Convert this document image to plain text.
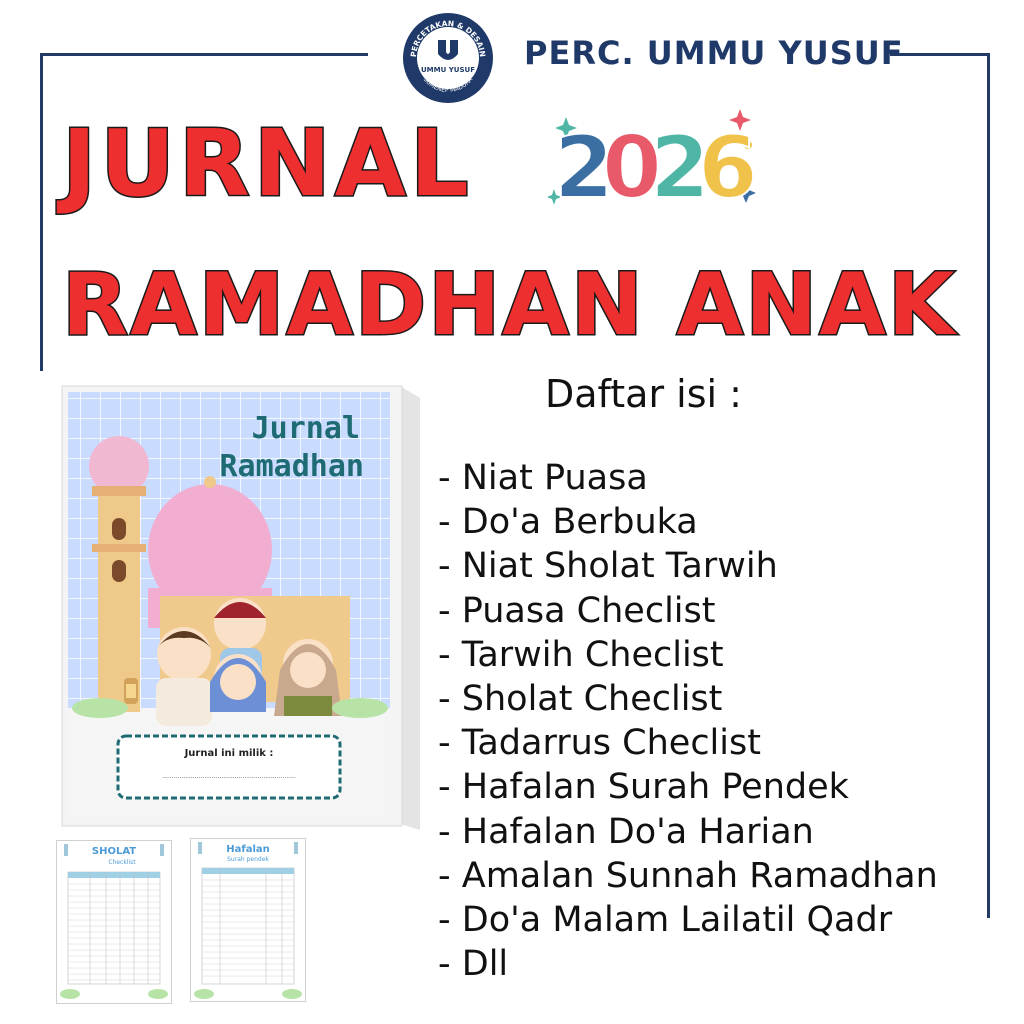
PERCETAKAN & DESAIN
SUMENEP MADURA
UMMU YUSUF PERC. UMMU YUSUF
JURNAL
RAMADHAN ANAK
2
0
2
6
Daftar isi :
- Niat Puasa
- Do'a Berbuka
- Niat Sholat Tarwih
- Puasa Checlist
- Tarwih Checlist
- Sholat Checlist
- Tadarrus Checlist
- Hafalan Surah Pendek
- Hafalan Do'a Harian
- Amalan Sunnah Ramadhan
- Do'a Malam Lailatil Qadr
- Dll
Jurnal
Ramadhan
Jurnal ini milik :
......................................................................
SHOLAT
Checklist
Hafalan
Surah pendek
